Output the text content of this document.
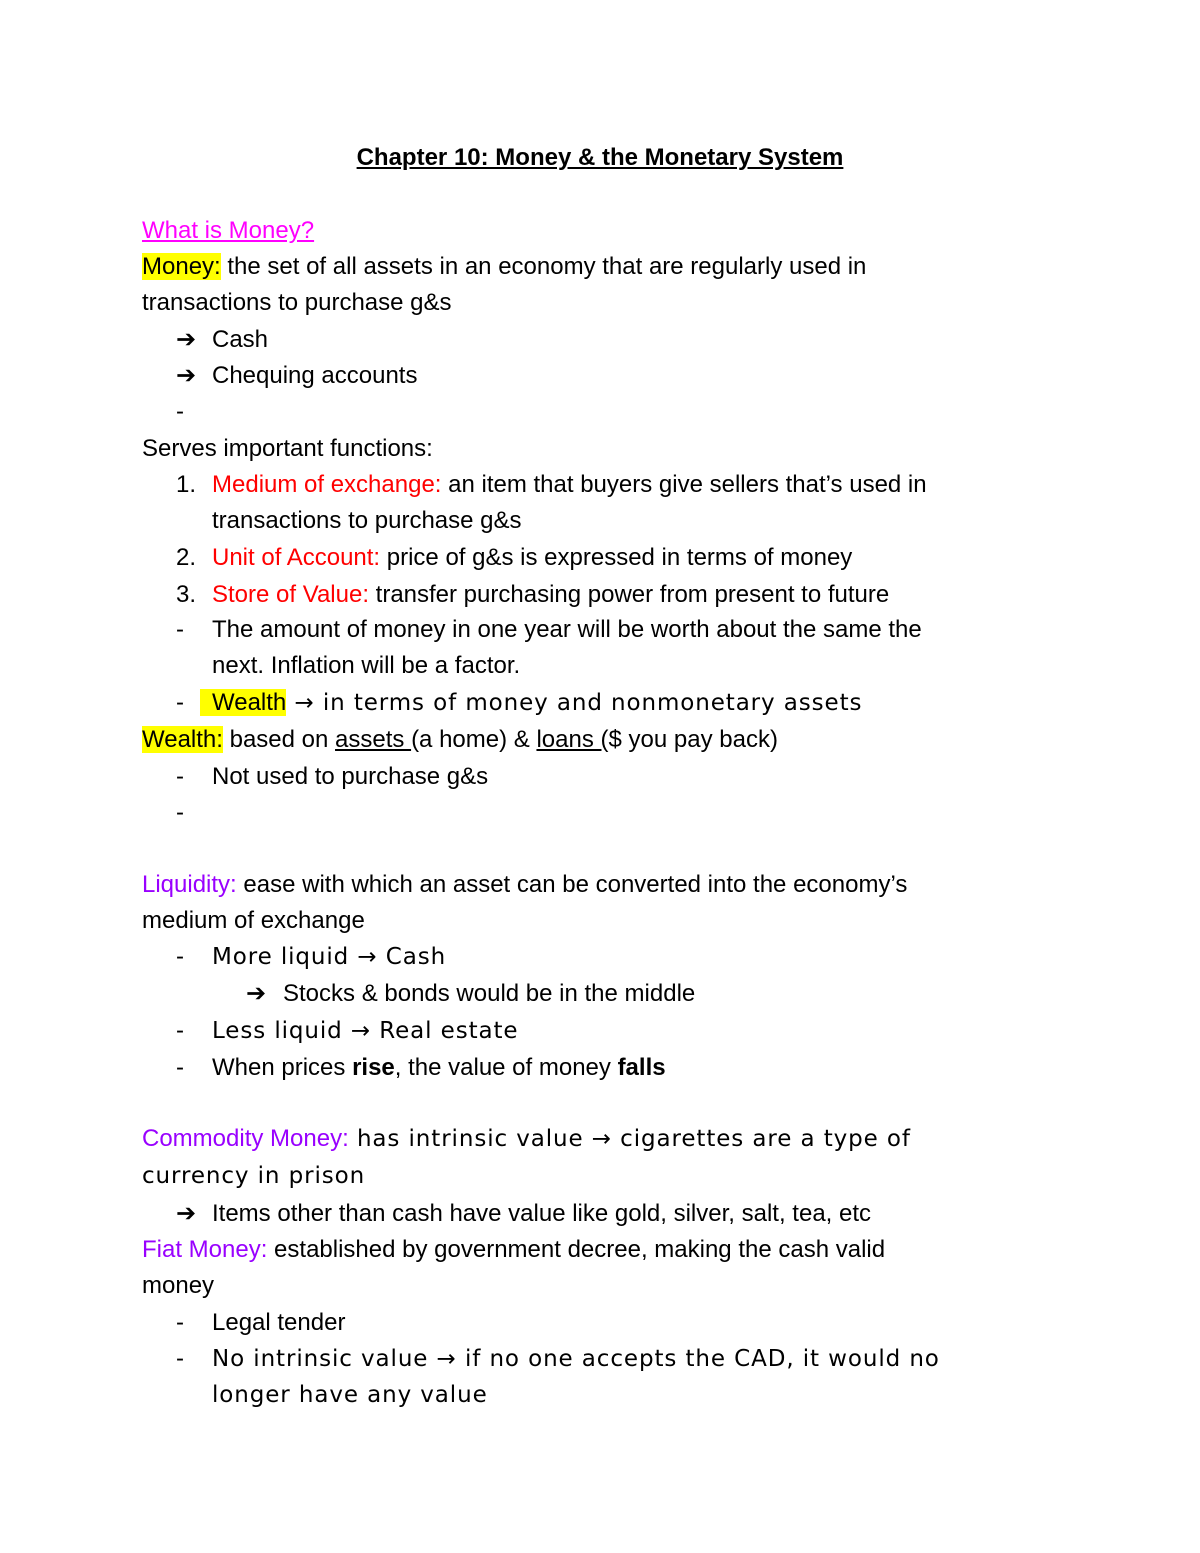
Chapter 10: Money & the Monetary System
What is Money?
Money: the set of all assets in an economy that are regularly used in
transactions to purchase g&s
➔ Cash
➔ Chequing accounts
-
Serves important functions:
1. Medium of exchange: an item that buyers give sellers that’s used in
transactions to purchase g&s
2. Unit of Account: price of g&s is expressed in terms of money
3. Store of Value: transfer purchasing power from present to future
- The amount of money in one year will be worth about the same the
next. Inflation will be a factor.
-	Wealth → in terms of money and nonmonetary assets
Wealth: based on assets (a home) & loans ($ you pay back)
- Not used to purchase g&s
-
Liquidity: ease with which an asset can be converted into the economy’s
medium of exchange
- More liquid → Cash
➔ Stocks & bonds would be in the middle
- Less liquid → Real estate
- When prices rise, the value of money falls
Commodity Money: has intrinsic value → cigarettes are a type of
currency in prison
➔ Items other than cash have value like gold, silver, salt, tea, etc
Fiat Money: established by government decree, making the cash valid
money
- Legal tender
- No intrinsic value → if no one accepts the CAD, it would no
longer have any value
